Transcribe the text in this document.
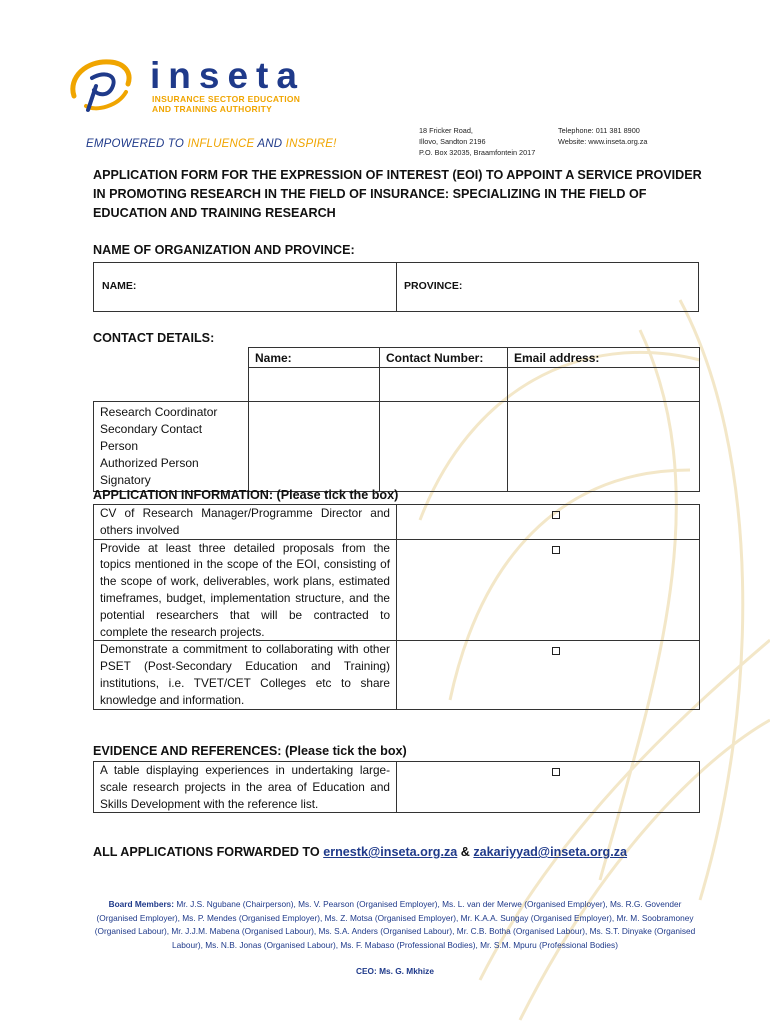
inseta
INSURANCE SECTOR EDUCATION
AND TRAINING AUTHORITY
EMPOWERED TO INFLUENCE AND INSPIRE!
18 Fricker Road,
Illovo, Sandton 2196
P.O. Box 32035, Braamfontein 2017
Telephone: 011 381 8900
Website: www.inseta.org.za
APPLICATION FORM FOR THE EXPRESSION OF INTEREST (EOI) TO APPOINT A SERVICE PROVIDER IN PROMOTING RESEARCH IN THE FIELD OF INSURANCE: SPECIALIZING IN THE FIELD OF EDUCATION AND TRAINING RESEARCH
NAME OF ORGANIZATION AND PROVINCE:
NAME:	PROVINCE:
CONTACT DETAILS:
	Name:	Contact Number:	Email address:

Research Coordinator
Secondary Contact Person
Authorized Person Signatory			

APPLICATION INFORMATION: (Please tick the box)
CV of Research Manager/Programme Director and others involved	
Provide at least three detailed proposals from the topics mentioned in the scope of the EOI, consisting of the scope of work, deliverables, work plans, estimated timeframes, budget, implementation structure, and the potential researchers that will be contracted to complete the research projects.	
Demonstrate a commitment to collaborating with other PSET (Post-Secondary Education and Training) institutions, i.e. TVET/CET Colleges etc to share knowledge and information.	
EVIDENCE AND REFERENCES: (Please tick the box)
A table displaying experiences in undertaking large-scale research projects in the area of Education and Skills Development with the reference list.	
ALL APPLICATIONS FORWARDED TO ernestk@inseta.org.za & zakariyyad@inseta.org.za
Board Members: Mr. J.S. Ngubane (Chairperson), Ms. V. Pearson (Organised Employer), Ms. L. van der Merwe (Organised Employer), Ms. R.G. Govender (Organised Employer), Ms. P. Mendes (Organised Employer), Ms. Z. Motsa (Organised Employer), Mr. K.A.A. Sungay (Organised Employer), Mr. M. Soobramoney (Organised Labour), Mr. J.J.M. Mabena (Organised Labour), Ms. S.A. Anders (Organised Labour), Mr. C.B. Botha (Organised Labour), Ms. S.T. Dinyake (Organised Labour), Ms. N.B. Jonas (Organised Labour), Ms. F. Mabaso (Professional Bodies), Mr. S.M. Mpuru (Professional Bodies)
CEO: Ms. G. Mkhize
